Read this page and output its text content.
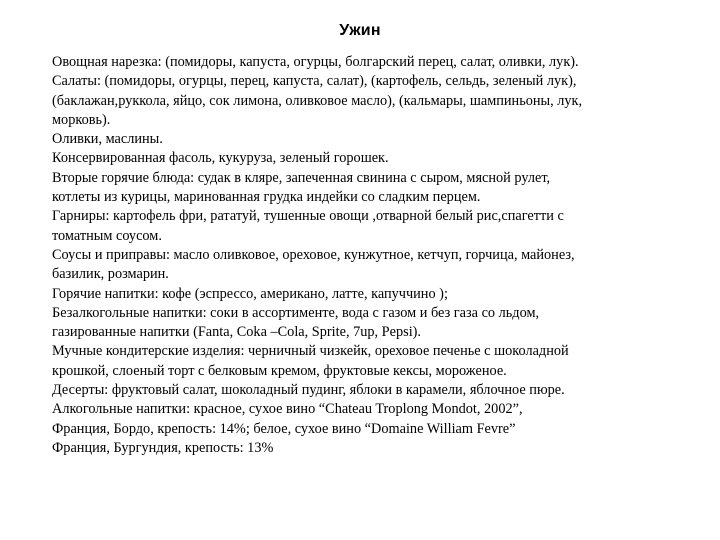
Ужин
Овощная нарезка: (помидоры, капуста, огурцы, болгарский перец, салат, оливки, лук).
Салаты: (помидоры, огурцы, перец, капуста, салат), (картофель, сельдь, зеленый лук),
(баклажан,руккола, яйцо, сок лимона, оливковое масло), (кальмары, шампиньоны, лук,
морковь).
Оливки, маслины.
Консервированная фасоль, кукуруза, зеленый горошек.
Вторые горячие блюда: судак в кляре, запеченная свинина с сыром, мясной рулет,
котлеты из курицы, маринованная грудка индейки со сладким перцем.
Гарниры: картофель фри, рататуй, тушенные овощи ,отварной белый рис,спагетти с
томатным соусом.
Соусы и приправы: масло оливковое, ореховое, кунжутное, кетчуп, горчица, майонез,
базилик, розмарин.
Горячие напитки: кофе (эспрессо, американо, латте, капуччино );
Безалкогольные напитки: соки в ассортименте, вода с газом и без газа со льдом,
газированные напитки (Fanta, Coka –Cola, Sprite, 7up, Pepsi).
Мучные кондитерские изделия: черничный чизкейк, ореховое печенье с шоколадной
крошкой, слоеный торт с белковым кремом, фруктовые кексы, мороженое.
Десерты: фруктовый салат, шоколадный пудинг, яблоки в карамели, яблочное пюре.
Алкогольные напитки: красное, сухое вино “Chateau Troplong Mondot, 2002”,
Франция, Бордо, крепость: 14%; белое, сухое вино “Domaine William Fevre”
Франция, Бургундия, крепость: 13%
